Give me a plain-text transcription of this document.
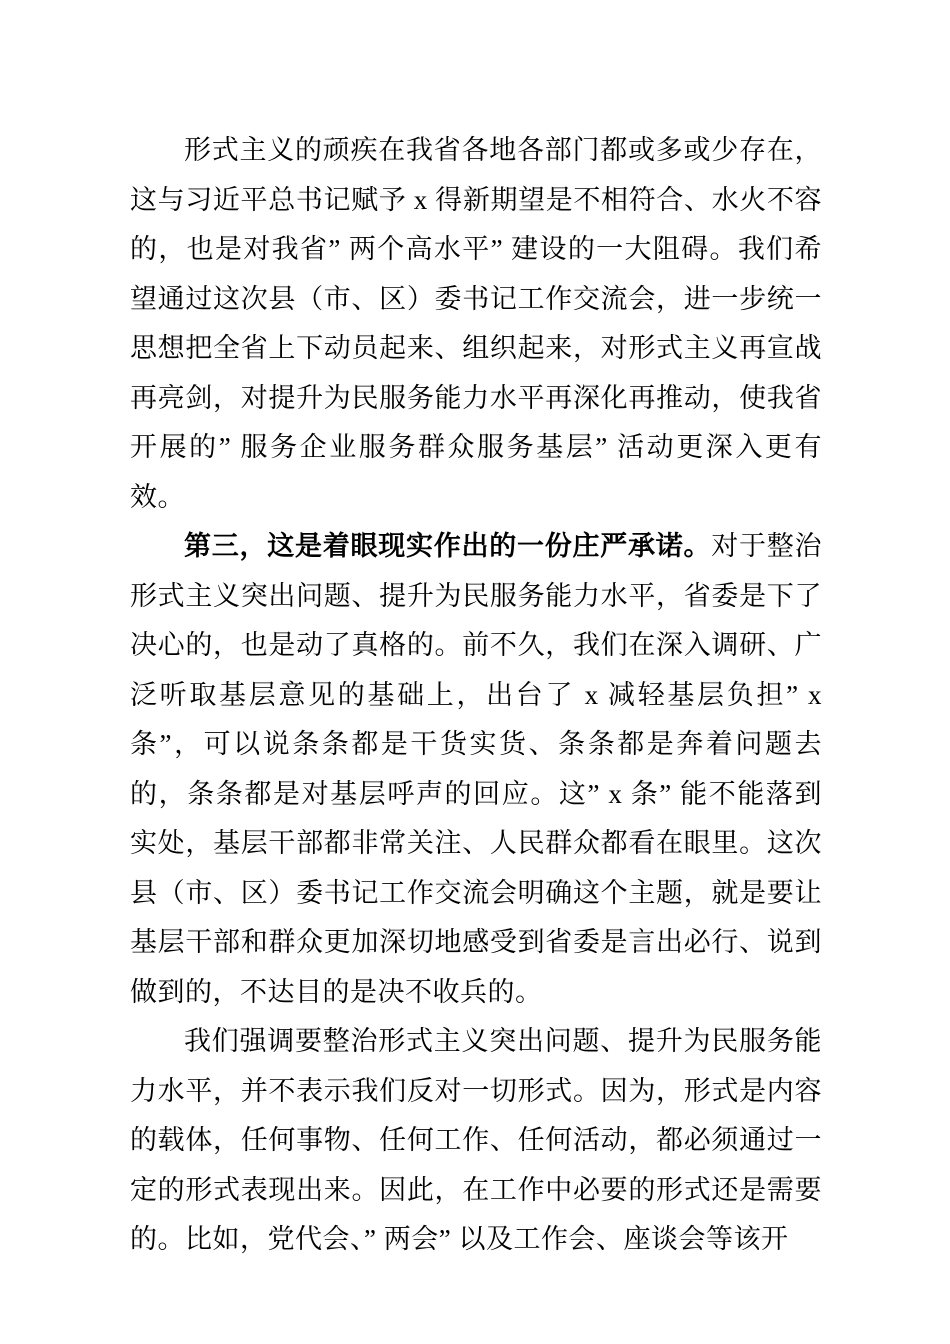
形式主义的顽疾在我省各地各部门都或多或少存在，这与习近平总书记赋予 x 得新期望是不相符合、水火不容的，也是对我省” 两个高水平” 建设的一大阻碍。我们希望通过这次县（市、区）委书记工作交流会，进一步统一思想把全省上下动员起来、组织起来，对形式主义再宣战再亮剑，对提升为民服务能力水平再深化再推动，使我省开展的” 服务企业服务群众服务基层” 活动更深入更有效。

第三，这是着眼现实作出的一份庄严承诺。对于整治形式主义突出问题、提升为民服务能力水平，省委是下了决心的，也是动了真格的。前不久，我们在深入调研、广泛听取基层意见的基础上，出台了 x 减轻基层负担” x 条”，可以说条条都是干货实货、条条都是奔着问题去的，条条都是对基层呼声的回应。这” x 条” 能不能落到实处，基层干部都非常关注、人民群众都看在眼里。这次县（市、区）委书记工作交流会明确这个主题，就是要让基层干部和群众更加深切地感受到省委是言出必行、说到做到的，不达目的是决不收兵的。

我们强调要整治形式主义突出问题、提升为民服务能力水平，并不表示我们反对一切形式。因为，形式是内容的载体，任何事物、任何工作、任何活动，都必须通过一定的形式表现出来。因此，在工作中必要的形式还是需要的。比如，党代会、” 两会” 以及工作会、座谈会等该开
